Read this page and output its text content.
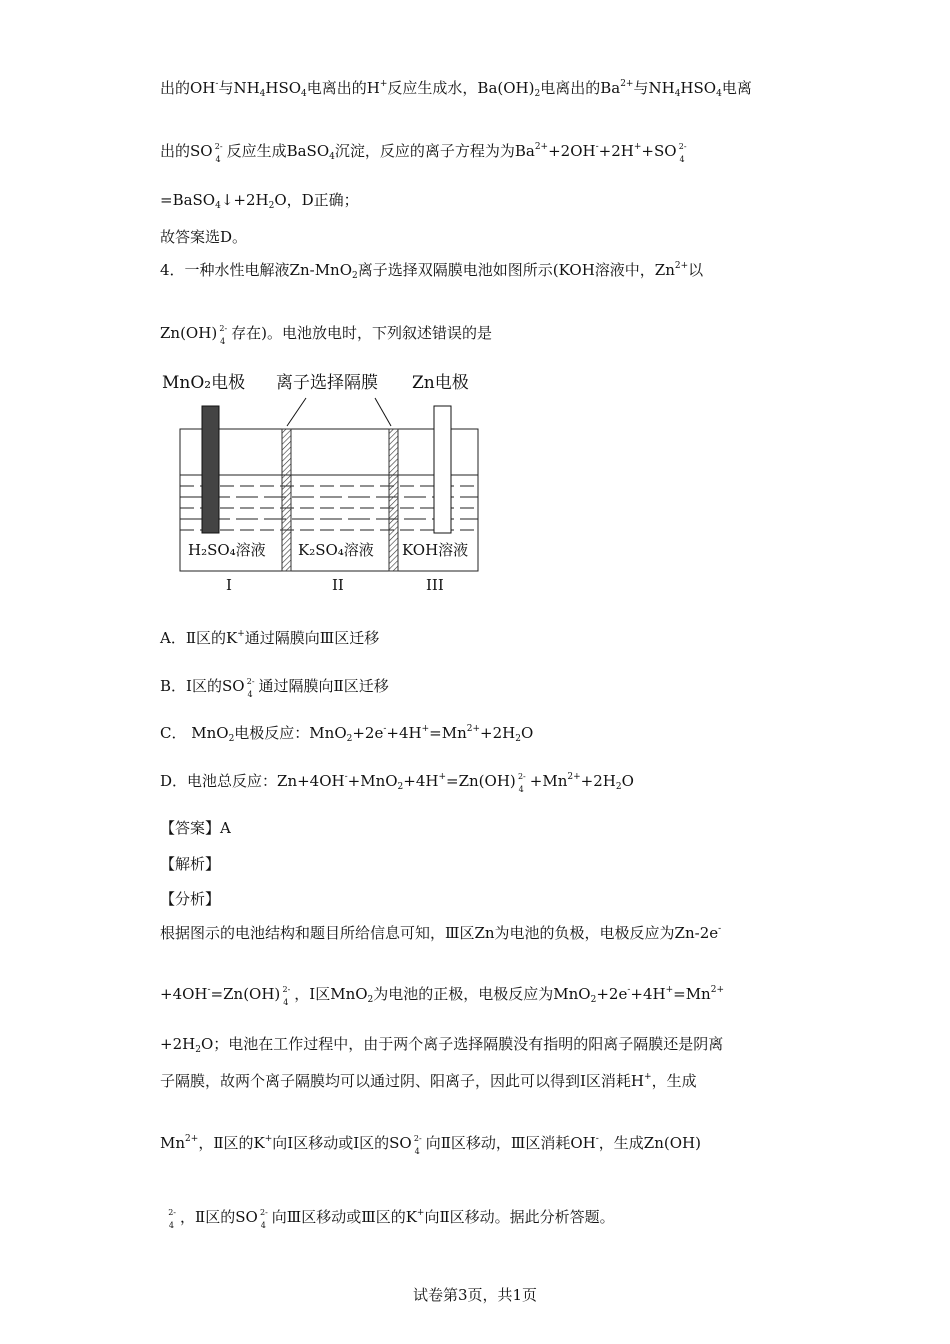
出的OH-与$NH_4HSO_4$电离出的H+反应生成水，$Ba(OH)_2$电离出的$Ba^{2+}$与$NH_4HSO_4$电离
出的SO 2-
4 反应生成BaSO$_4$沉淀，反应的离子方程为为$Ba^{2+}+2OH^-+2H^++SO$ 2-
4
$=BaSO_4↓+2H_2O$，D正确；
故答案选D。
4．一种水性电解液Zn-MnO$_2$离子选择双隔膜电池如图所示(KOH溶液中，$Zn^{2+}$以
Zn(OH) 2-
4 存在)。电池放电时，下列叙述错误的是
MnO₂电极 离子选择隔膜 Zn电极
H₂SO₄溶液 K₂SO₄溶液 KOH溶液
I	II	III
A．Ⅱ区的K+通过隔膜向Ⅲ区迁移
B．Ⅰ区的SO 2-
4 通过隔膜向Ⅱ区迁移
C． MnO$_2$电极反应：$MnO_2+2e^-+4H^+=Mn^{2+}+2H_2O$
D．电池总反应：Zn+4OH-+MnO$_2$+4H+=Zn(OH) 2-
$4 +Mn^{2+}+2H_2O$
【答案】A
【解析】
【分析】
根据图示的电池结构和题目所给信息可知，Ⅲ区Zn为电池的负极，电极反应为Zn-2e-
+4OH-=Zn(OH) 2-
4 ，Ⅰ区MnO$_2$为电池的正极，电极反应为$MnO_2+2e^-+4H^+=Mn^{2+}$
$+2H_2O$；电池在工作过程中，由于两个离子选择隔膜没有指明的阳离子隔膜还是阴离
子隔膜，故两个离子隔膜均可以通过阴、阳离子，因此可以得到Ⅰ区消耗H+，生成
$Mn^{2+}$，Ⅱ区的K+向Ⅰ区移动或Ⅰ区的SO 2-
4 向Ⅱ区移动，Ⅲ区消耗OH-，生成Zn(OH)
2-
4 ，Ⅱ区的SO 2-
4 向Ⅲ区移动或Ⅲ区的K+向Ⅱ区移动。据此分析答题。
试卷第3页，共1页
